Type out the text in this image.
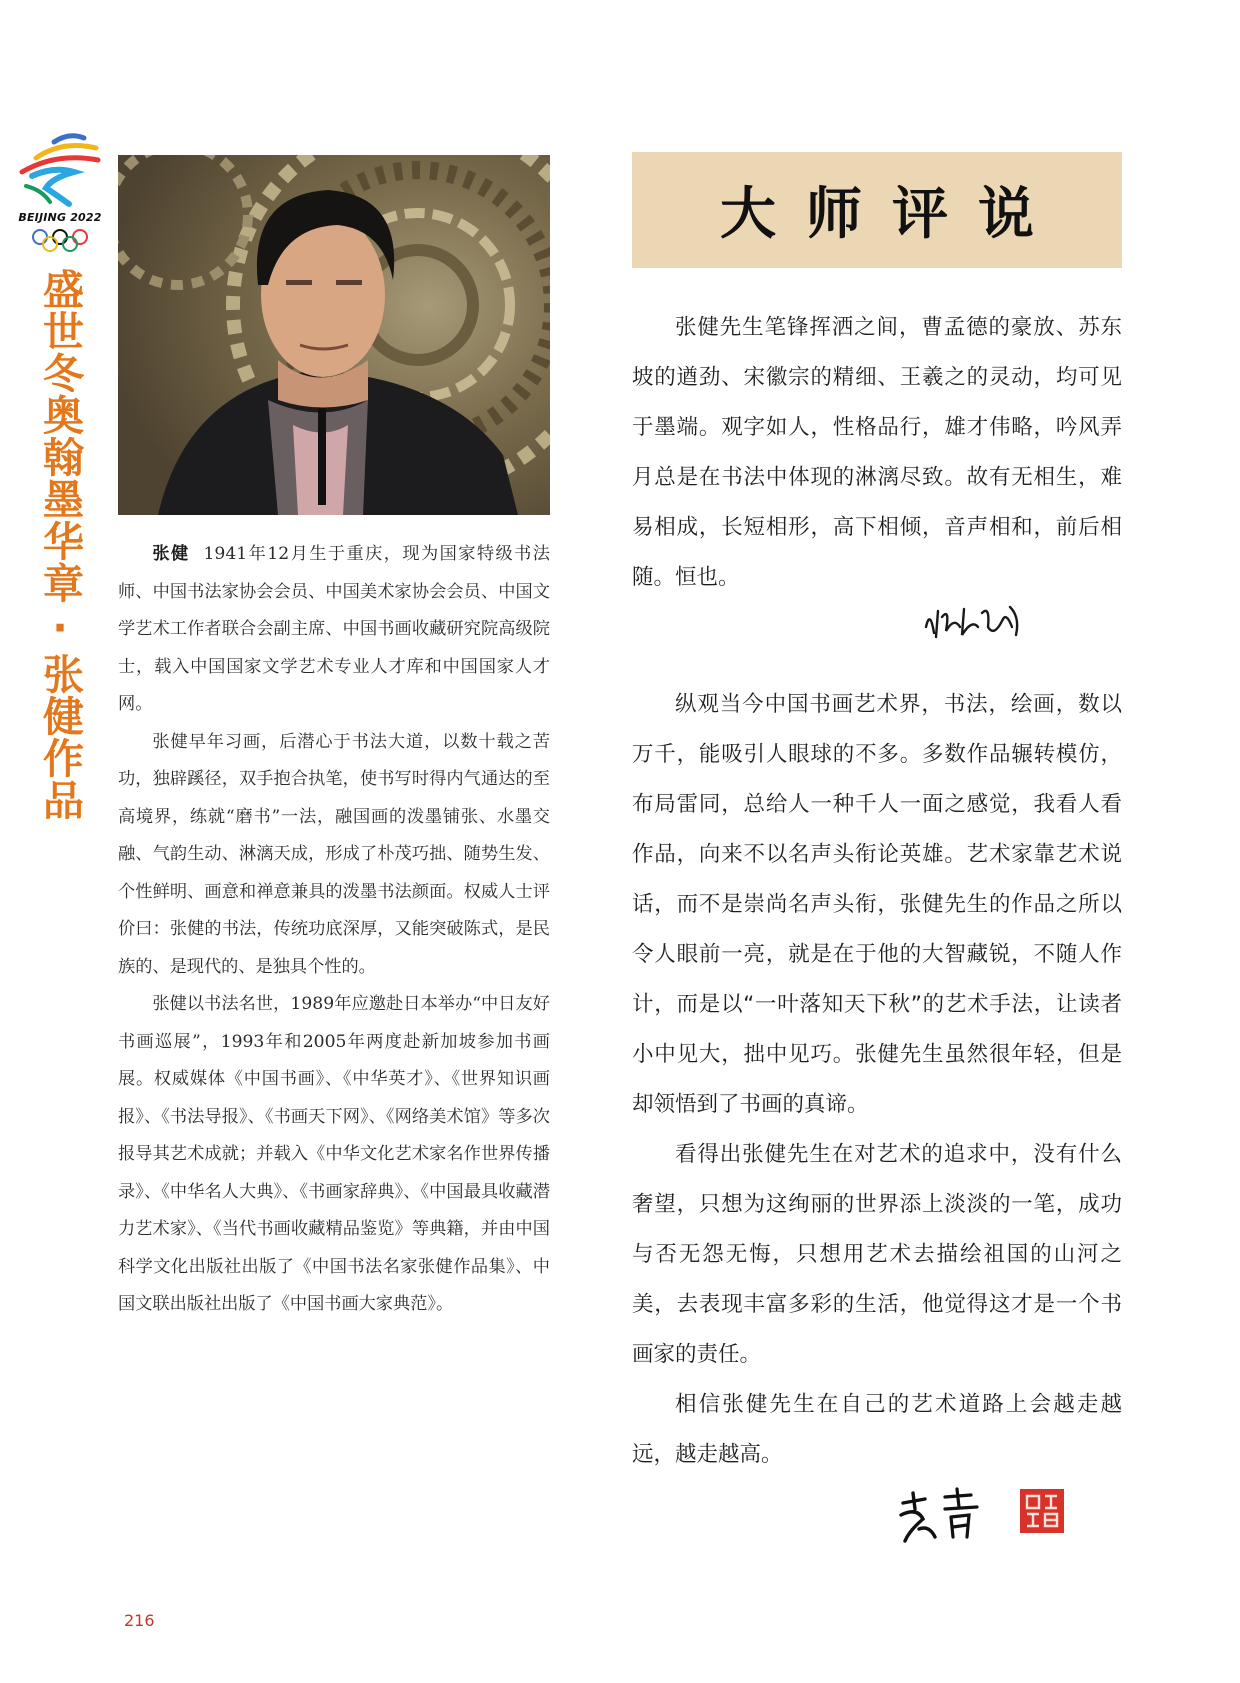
BEIJING 2022
盛世冬奥翰墨华章·张健作品	张健 1941年12月生于重庆，现为国家特级书法师、中国书法家协会会员、中国美术家协会会员、中国文学艺术工作者联合会副主席、中国书画收藏研究院高级院士，载入中国国家文学艺术专业人才库和中国国家人才网。

张健早年习画，后潜心于书法大道，以数十载之苦功，独辟蹊径，双手抱合执笔，使书写时得内气通达的至高境界，练就“磨书”一法，融国画的泼墨铺张、水墨交融、气韵生动、淋漓天成，形成了朴茂巧拙、随势生发、个性鲜明、画意和禅意兼具的泼墨书法颜面。权威人士评价曰：张健的书法，传统功底深厚，又能突破陈式，是民族的、是现代的、是独具个性的。

张健以书法名世，1989年应邀赴日本举办“中日友好书画巡展”，1993年和2005年两度赴新加坡参加书画展。权威媒体《中国书画》、《中华英才》、《世界知识画报》、《书法导报》、《书画天下网》、《网络美术馆》等多次报导其艺术成就；并载入《中华文化艺术家名作世界传播录》、《中华名人大典》、《书画家辞典》、《中国最具收藏潜力艺术家》、《当代书画收藏精品鉴览》等典籍，并由中国科学文化出版社出版了《中国书法名家张健作品集》、中国文联出版社出版了《中国书画大家典范》。

大师评说

张健先生笔锋挥洒之间，曹孟德的豪放、苏东坡的遒劲、宋徽宗的精细、王羲之的灵动，均可见于墨端。观字如人，性格品行，雄才伟略，吟风弄月总是在书法中体现的淋漓尽致。故有无相生，难易相成，长短相形，高下相倾，音声相和，前后相随。恒也。

纵观当今中国书画艺术界，书法，绘画，数以万千，能吸引人眼球的不多。多数作品辗转模仿，布局雷同，总给人一种千人一面之感觉，我看人看作品，向来不以名声头衔论英雄。艺术家靠艺术说话，而不是崇尚名声头衔，张健先生的作品之所以令人眼前一亮，就是在于他的大智藏锐，不随人作计，而是以“一叶落知天下秋”的艺术手法，让读者小中见大，拙中见巧。张健先生虽然很年轻，但是却领悟到了书画的真谛。

看得出张健先生在对艺术的追求中，没有什么奢望，只想为这绚丽的世界添上淡淡的一笔，成功与否无怨无悔，只想用艺术去描绘祖国的山河之美，去表现丰富多彩的生活，他觉得这才是一个书画家的责任。

相信张健先生在自己的艺术道路上会越走越远，越走越高。

216
